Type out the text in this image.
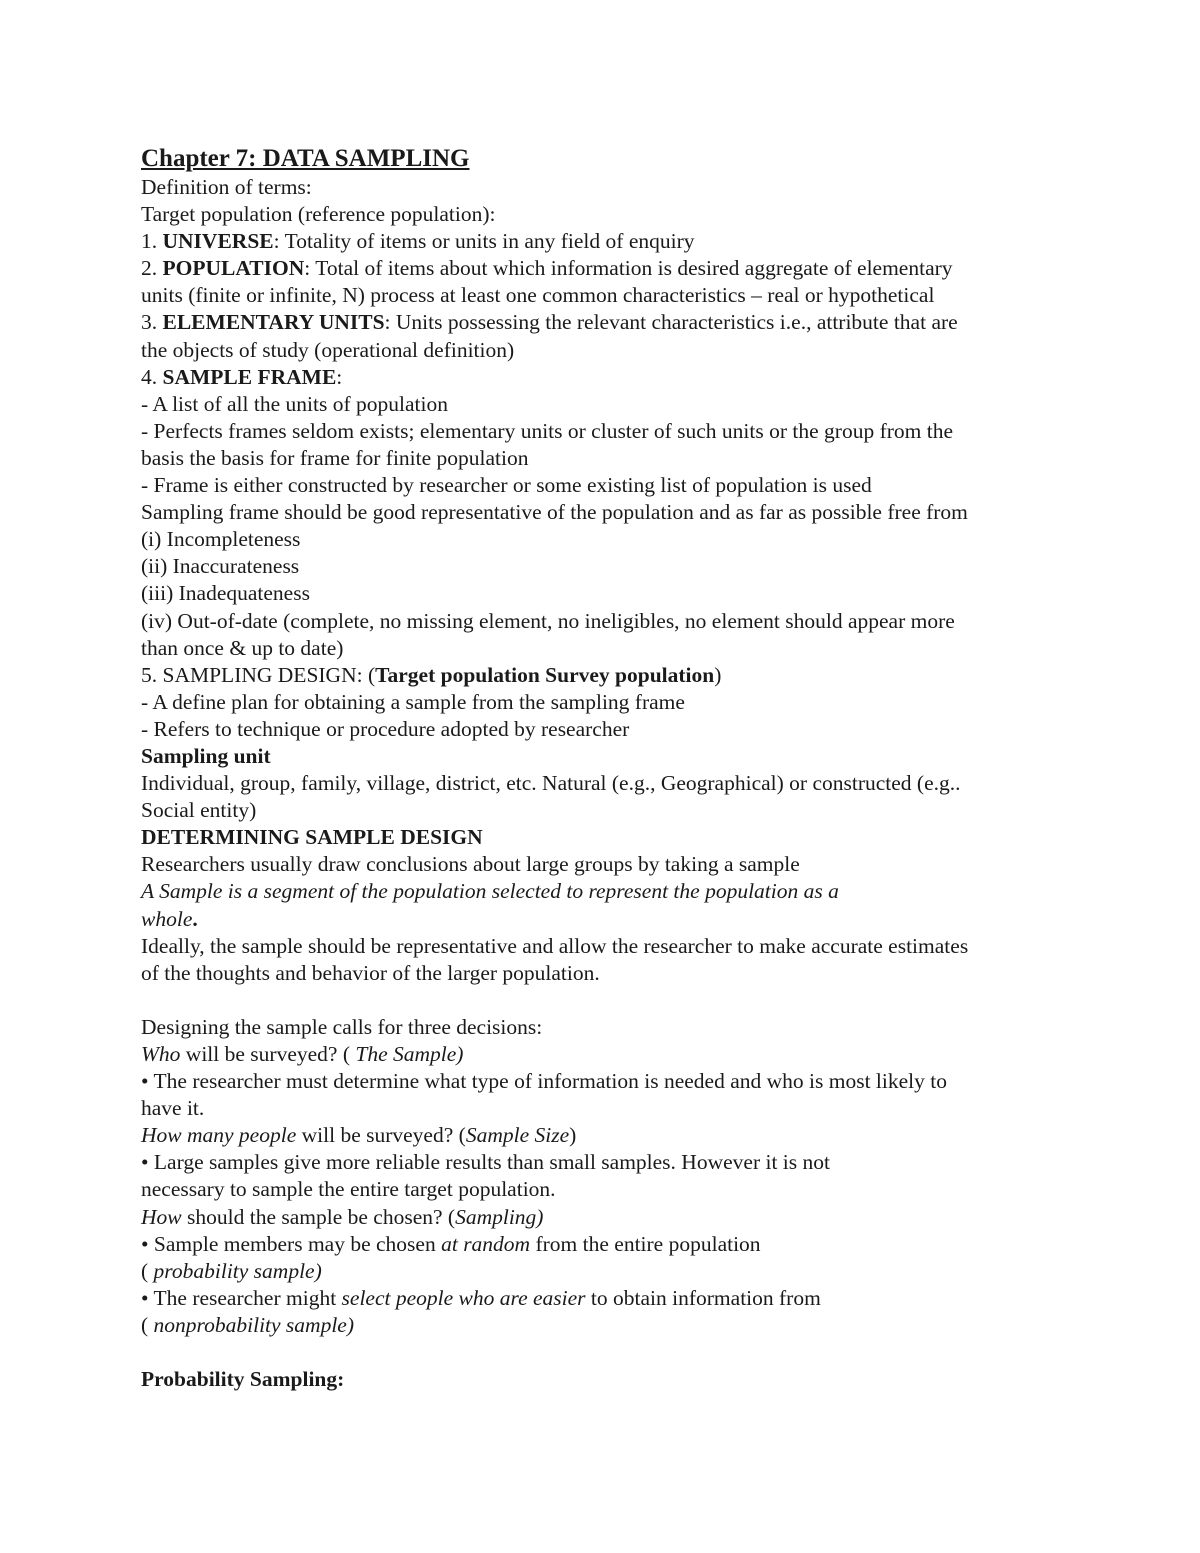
Chapter 7: DATA SAMPLING
Definition of terms:
Target population (reference population):
1. UNIVERSE: Totality of items or units in any field of enquiry
2. POPULATION: Total of items about which information is desired aggregate of elementary
units (finite or infinite, N) process at least one common characteristics – real or hypothetical
3. ELEMENTARY UNITS: Units possessing the relevant characteristics i.e., attribute that are
the objects of study (operational definition)
4. SAMPLE FRAME:
- A list of all the units of population
- Perfects frames seldom exists; elementary units or cluster of such units or the group from the
basis the basis for frame for finite population
- Frame is either constructed by researcher or some existing list of population is used
Sampling frame should be good representative of the population and as far as possible free from
(i) Incompleteness
(ii) Inaccurateness
(iii) Inadequateness
(iv) Out-of-date (complete, no missing element, no ineligibles, no element should appear more
than once & up to date)
5. SAMPLING DESIGN: (Target population Survey population)
- A define plan for obtaining a sample from the sampling frame
- Refers to technique or procedure adopted by researcher
Sampling unit
Individual, group, family, village, district, etc. Natural (e.g., Geographical) or constructed (e.g..
Social entity)
DETERMINING SAMPLE DESIGN
Researchers usually draw conclusions about large groups by taking a sample
A Sample is a segment of the population selected to represent the population as a
whole.
Ideally, the sample should be representative and allow the researcher to make accurate estimates
of the thoughts and behavior of the larger population.
Designing the sample calls for three decisions:
Who will be surveyed? ( The Sample)
• The researcher must determine what type of information is needed and who is most likely to
have it.
How many people will be surveyed? (Sample Size)
• Large samples give more reliable results than small samples. However it is not
necessary to sample the entire target population.
How should the sample be chosen? (Sampling)
• Sample members may be chosen at random from the entire population
( probability sample)
• The researcher might select people who are easier to obtain information from
( nonprobability sample)
Probability Sampling:
